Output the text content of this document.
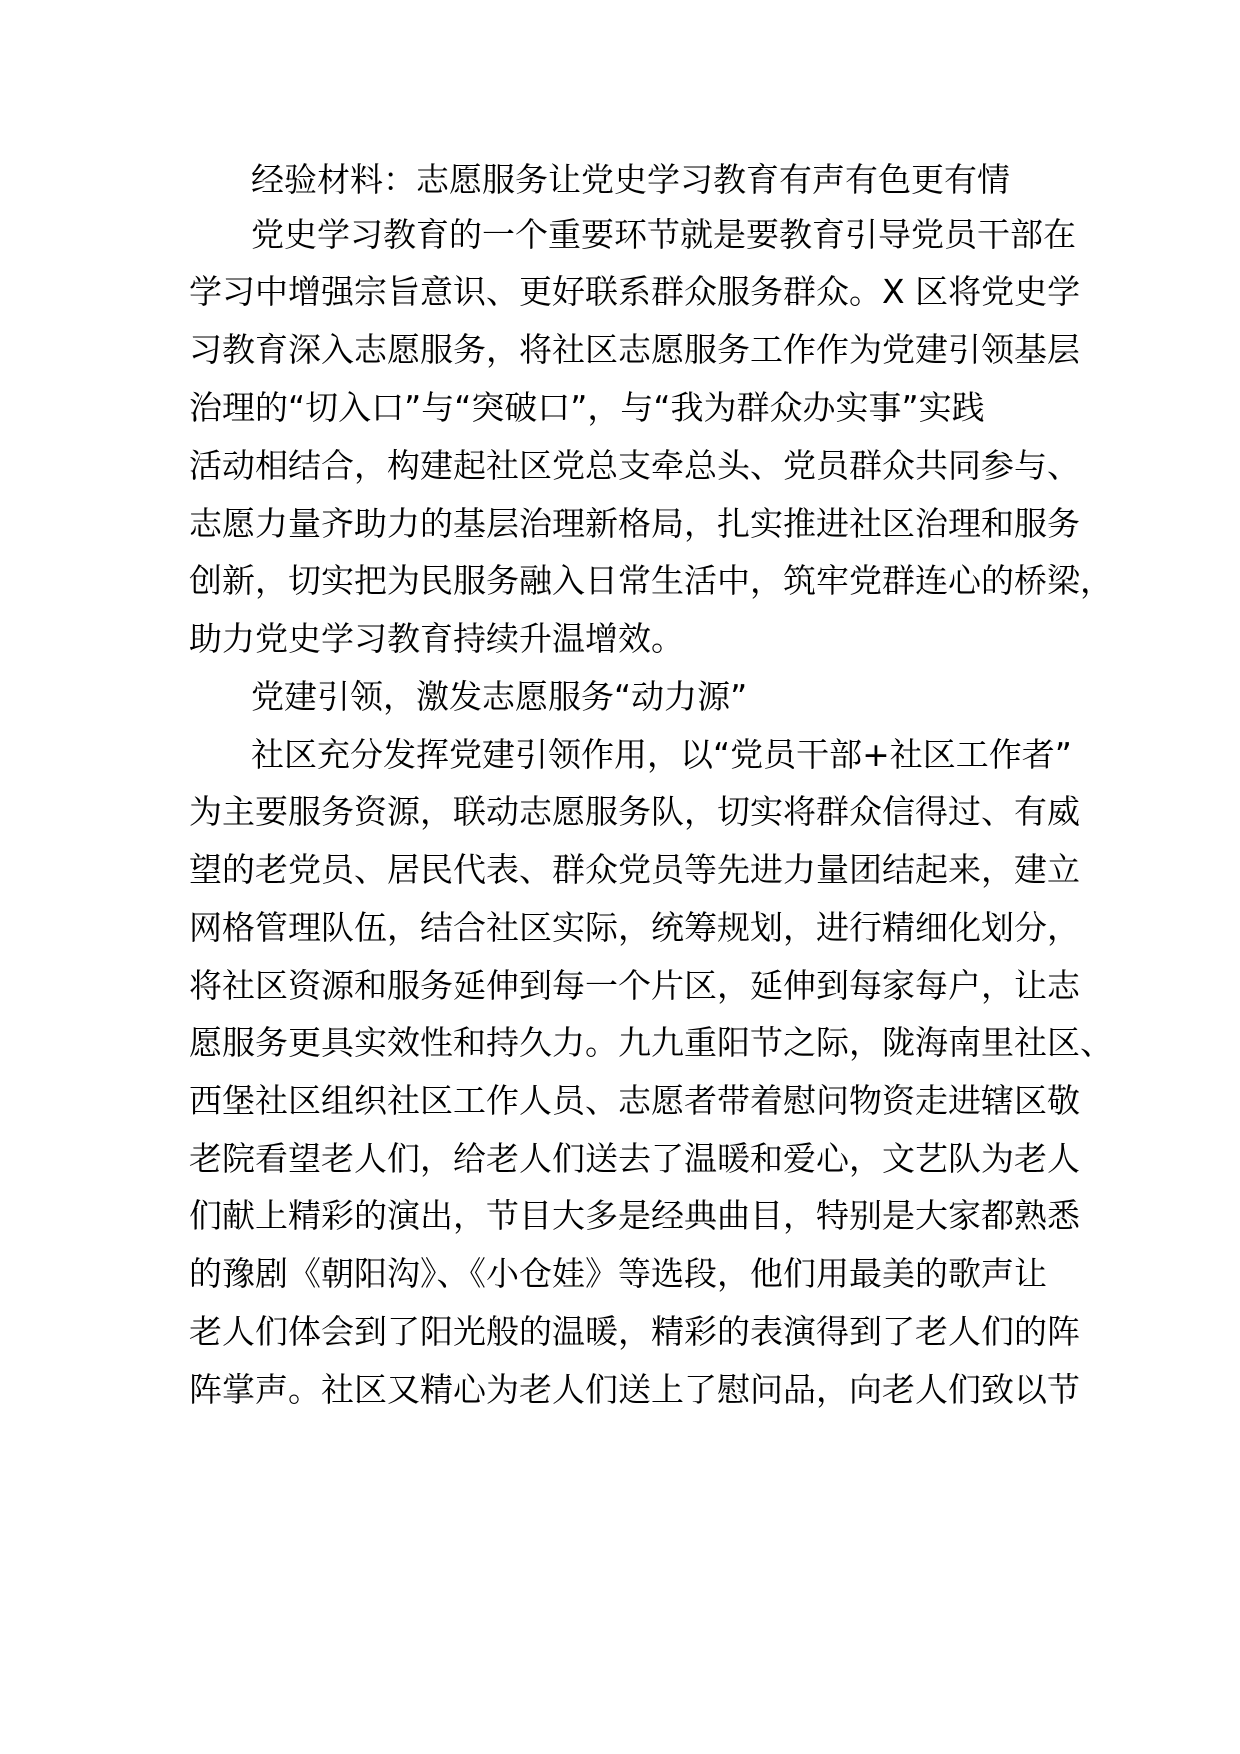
经验材料：志愿服务让党史学习教育有声有色更有情

党史学习教育的一个重要环节就是要教育引导党员干部在

学习中增强宗旨意识、更好联系群众服务群众。X 区将党史学

习教育深入志愿服务，将社区志愿服务工作作为党建引领基层

治理的“切入口”与“突破口”，与“我为群众办实事”实践

活动相结合，构建起社区党总支牵总头、党员群众共同参与、

志愿力量齐助力的基层治理新格局，扎实推进社区治理和服务

创新，切实把为民服务融入日常生活中，筑牢党群连心的桥梁，

助力党史学习教育持续升温增效。

党建引领，激发志愿服务“动力源”

社区充分发挥党建引领作用，以“党员干部+社区工作者”

为主要服务资源，联动志愿服务队，切实将群众信得过、有威

望的老党员、居民代表、群众党员等先进力量团结起来，建立

网格管理队伍，结合社区实际，统筹规划，进行精细化划分，

将社区资源和服务延伸到每一个片区，延伸到每家每户，让志

愿服务更具实效性和持久力。九九重阳节之际，陇海南里社区、

西堡社区组织社区工作人员、志愿者带着慰问物资走进辖区敬

老院看望老人们，给老人们送去了温暖和爱心，文艺队为老人

们献上精彩的演出，节目大多是经典曲目，特别是大家都熟悉

的豫剧《朝阳沟》、《小仓娃》等选段，他们用最美的歌声让

老人们体会到了阳光般的温暖，精彩的表演得到了老人们的阵

阵掌声。社区又精心为老人们送上了慰问品，向老人们致以节
